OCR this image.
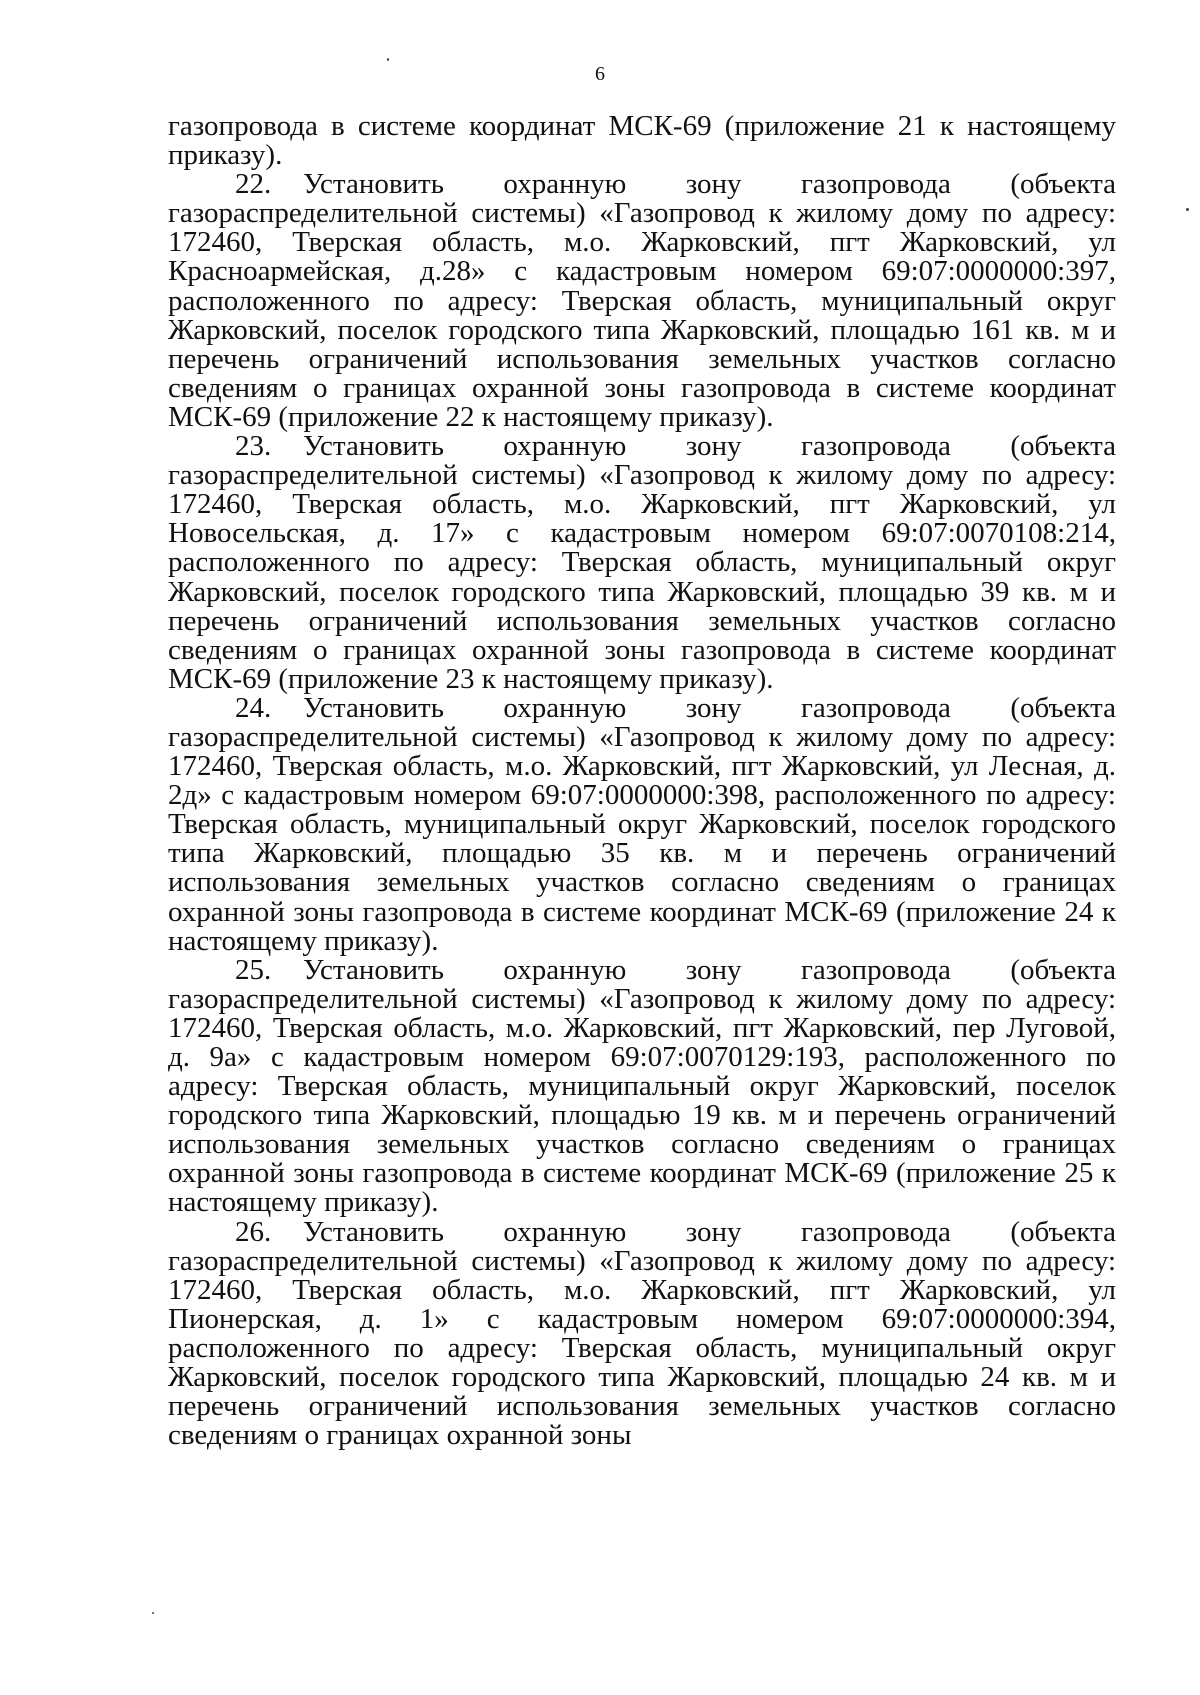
6

газопровода в системе координат МСК-69 (приложение 21 к настоящему приказу).

22. Установить охранную зону газопровода (объекта газораспределительной системы) «Газопровод к жилому дому по адресу: 172460, Тверская область, м.о. Жарковский, пгт Жарковский, ул Красноармейская, д.28» с кадастровым номером 69:07:0000000:397, расположенного по адресу: Тверская область, муниципальный округ Жарковский, поселок городского типа Жарковский, площадью 161 кв. м и перечень ограничений использования земельных участков согласно сведениям о границах охранной зоны газопровода в системе координат МСК-69 (приложение 22 к настоящему приказу).

23. Установить охранную зону газопровода (объекта газораспределительной системы) «Газопровод к жилому дому по адресу: 172460, Тверская область, м.о. Жарковский, пгт Жарковский, ул Новосельская, д. 17» с кадастровым номером 69:07:0070108:214, расположенного по адресу: Тверская область, муниципальный округ Жарковский, поселок городского типа Жарковский, площадью 39 кв. м и перечень ограничений использования земельных участков согласно сведениям о границах охранной зоны газопровода в системе координат МСК-69 (приложение 23 к настоящему приказу).

24. Установить охранную зону газопровода (объекта газораспределительной системы) «Газопровод к жилому дому по адресу: 172460, Тверская область, м.о. Жарковский, пгт Жарковский, ул Лесная, д. 2д» с кадастровым номером 69:07:0000000:398, расположенного по адресу: Тверская область, муниципальный округ Жарковский, поселок городского типа Жарковский, площадью 35 кв. м и перечень ограничений использования земельных участков согласно сведениям о границах охранной зоны газопровода в системе координат МСК-69 (приложение 24 к настоящему приказу).

25. Установить охранную зону газопровода (объекта газораспределительной системы) «Газопровод к жилому дому по адресу: 172460, Тверская область, м.о. Жарковский, пгт Жарковский, пер Луговой, д. 9а» с кадастровым номером 69:07:0070129:193, расположенного по адресу: Тверская область, муниципальный округ Жарковский, поселок городского типа Жарковский, площадью 19 кв. м и перечень ограничений использования земельных участков согласно сведениям о границах охранной зоны газопровода в системе координат МСК-69 (приложение 25 к настоящему приказу).

26. Установить охранную зону газопровода (объекта газораспределительной системы) «Газопровод к жилому дому по адресу: 172460, Тверская область, м.о. Жарковский, пгт Жарковский, ул Пионерская, д. 1» с кадастровым номером 69:07:0000000:394, расположенного по адресу: Тверская область, муниципальный округ Жарковский, поселок городского типа Жарковский, площадью 24 кв. м и перечень ограничений использования земельных участков согласно сведениям о границах охранной зоны
